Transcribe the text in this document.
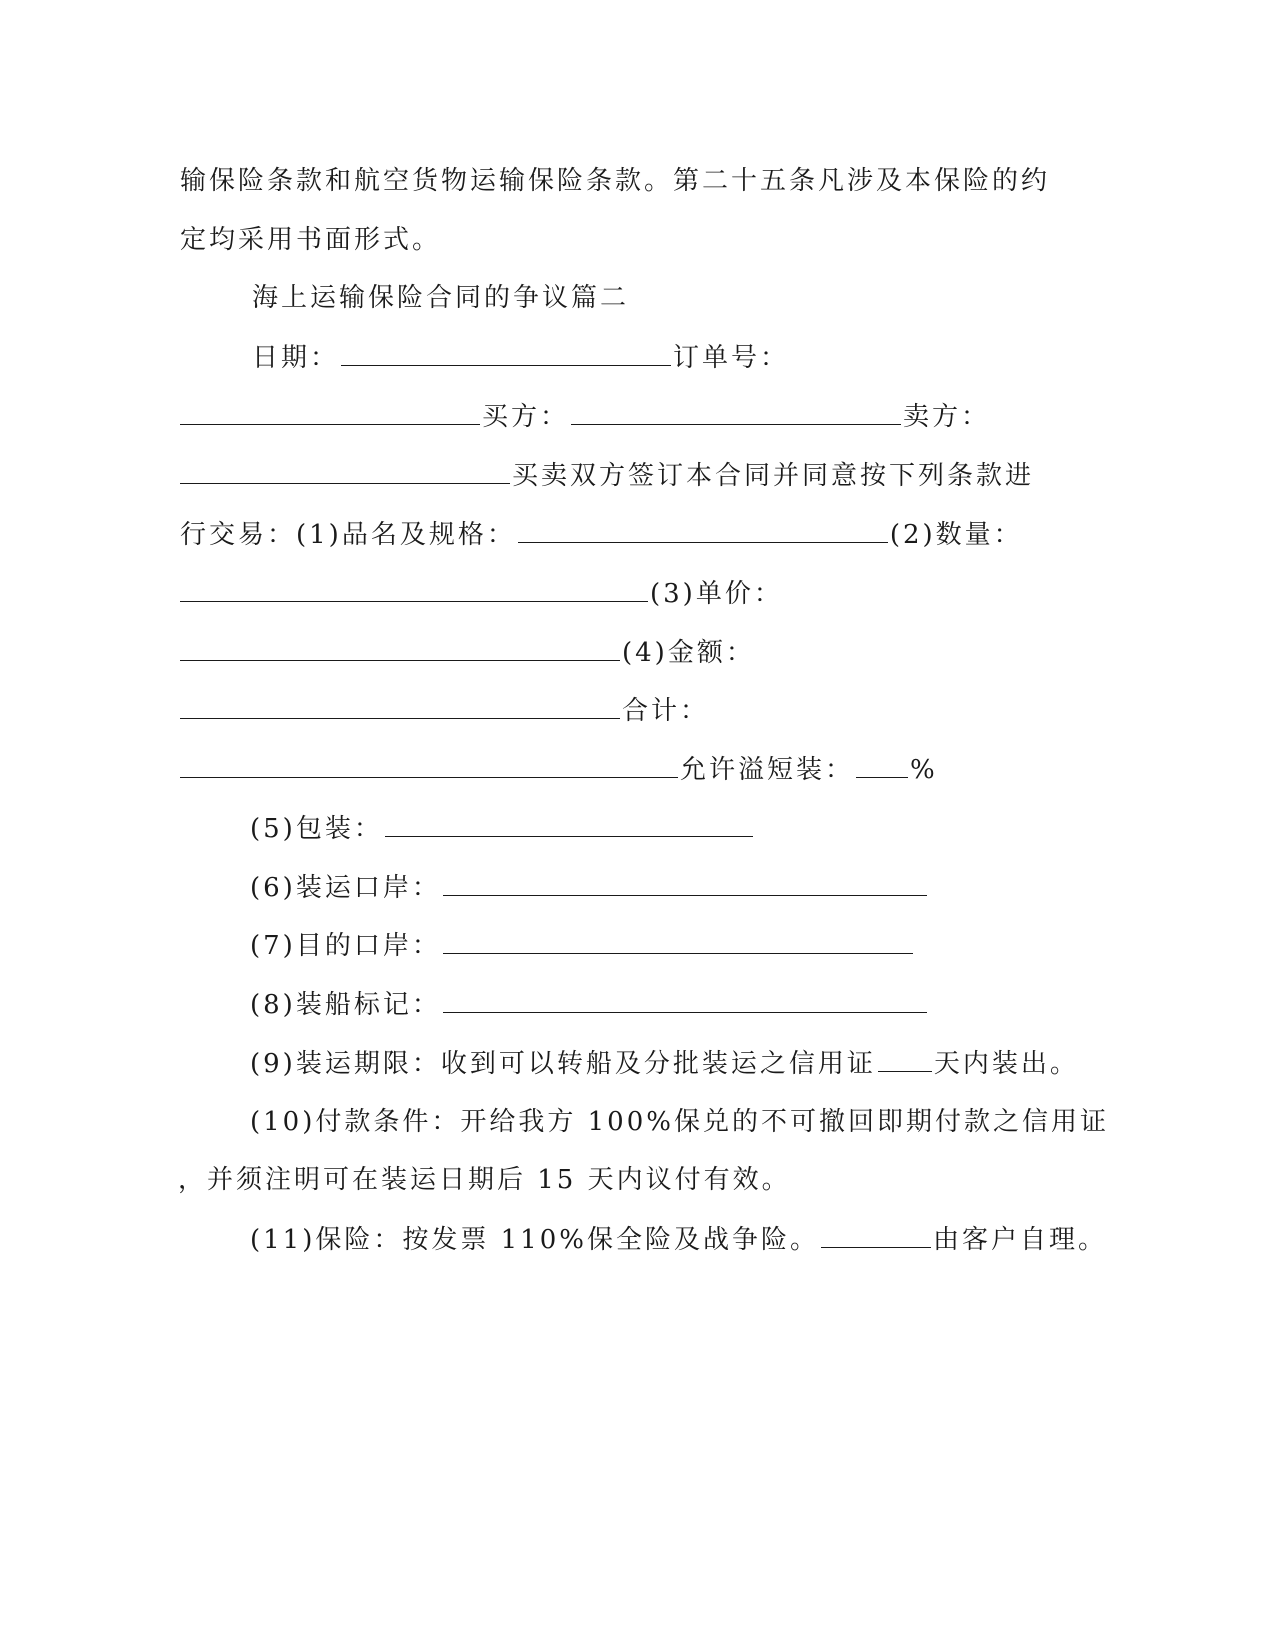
输保险条款和航空货物运输保险条款。第二十五条凡涉及本保险的约
定均采用书面形式。
海上运输保险合同的争议篇二
日期：	订单号：
买方：	卖方：
买卖双方签订本合同并同意按下列条款进
行交易：(1)品名及规格：	(2)数量：
(3)单价：
(4)金额：
合计：
允许溢短装： %
(5)包装：
(6)装运口岸：
(7)目的口岸：
(8)装船标记：
(9)装运期限：收到可以转船及分批装运之信用证 天内装出。
(10)付款条件：开给我方 100%保兑的不可撤回即期付款之信用证
，并须注明可在装运日期后 15 天内议付有效。
(11)保险：按发票 110%保全险及战争险。	由客户自理。
